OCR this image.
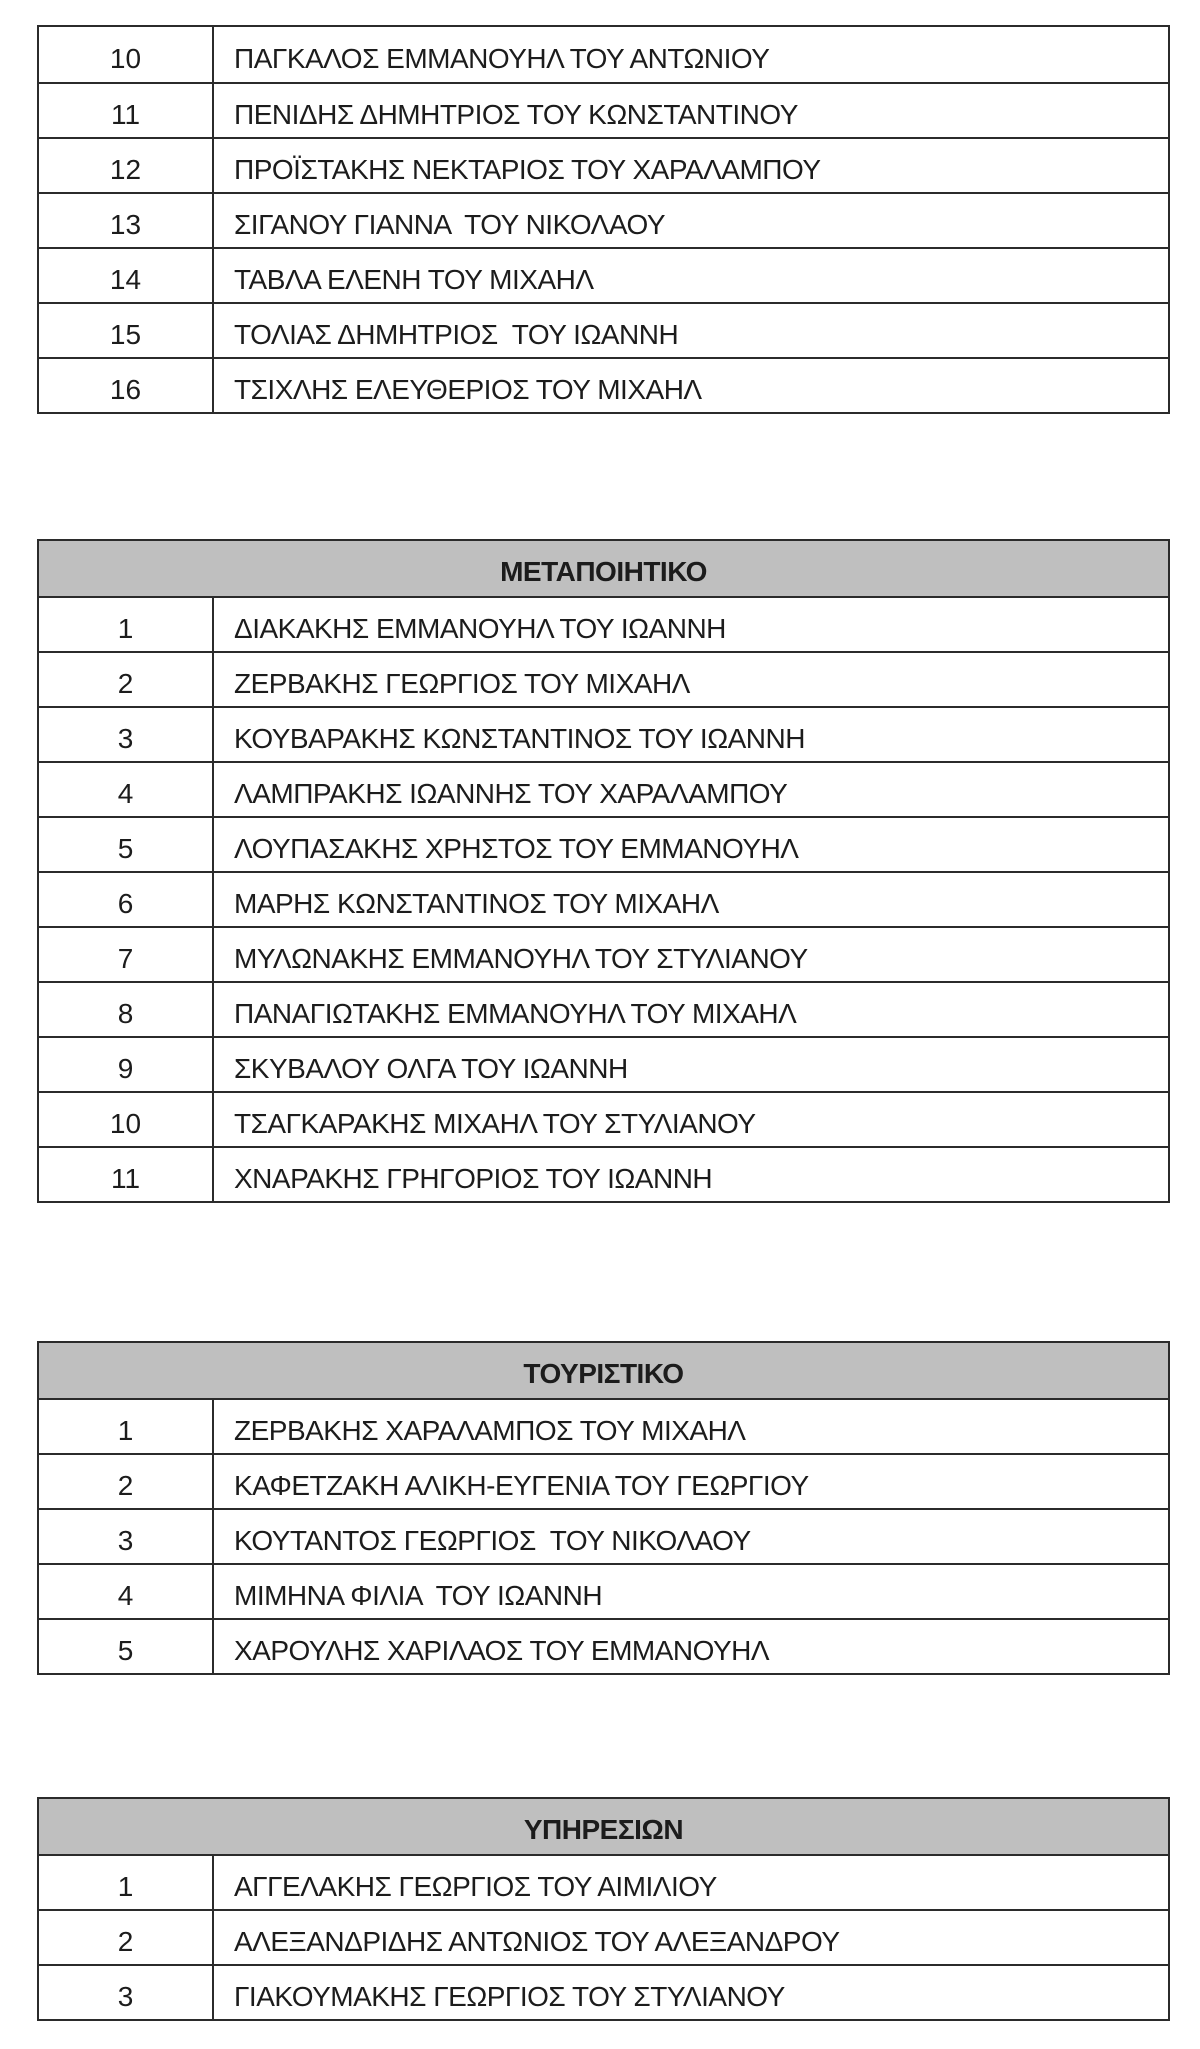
10	ΠΑΓΚΑΛΟΣ ΕΜΜΑΝΟΥΗΛ ΤΟΥ ΑΝΤΩΝΙΟΥ
11	ΠΕΝΙΔΗΣ ΔΗΜΗΤΡΙΟΣ ΤΟΥ ΚΩΝΣΤΑΝΤΙΝΟΥ
12	ΠΡΟΪΣΤΑΚΗΣ ΝΕΚΤΑΡΙΟΣ ΤΟΥ ΧΑΡΑΛΑΜΠΟΥ
13	ΣΙΓΑΝΟΥ ΓΙΑΝΝΑ  ΤΟΥ ΝΙΚΟΛΑΟΥ
14	ΤΑΒΛΑ ΕΛΕΝΗ ΤΟΥ ΜΙΧΑΗΛ
15	ΤΟΛΙΑΣ ΔΗΜΗΤΡΙΟΣ  ΤΟΥ ΙΩΑΝΝΗ
16	ΤΣΙΧΛΗΣ ΕΛΕΥΘΕΡΙΟΣ ΤΟΥ ΜΙΧΑΗΛ
ΜΕΤΑΠΟΙΗΤΙΚΟ
1	ΔΙΑΚΑΚΗΣ ΕΜΜΑΝΟΥΗΛ ΤΟΥ ΙΩΑΝΝΗ
2	ΖΕΡΒΑΚΗΣ ΓΕΩΡΓΙΟΣ ΤΟΥ ΜΙΧΑΗΛ
3	ΚΟΥΒΑΡΑΚΗΣ ΚΩΝΣΤΑΝΤΙΝΟΣ ΤΟΥ ΙΩΑΝΝΗ
4	ΛΑΜΠΡΑΚΗΣ ΙΩΑΝΝΗΣ ΤΟΥ ΧΑΡΑΛΑΜΠΟΥ
5	ΛΟΥΠΑΣΑΚΗΣ ΧΡΗΣΤΟΣ ΤΟΥ ΕΜΜΑΝΟΥΗΛ
6	ΜΑΡΗΣ ΚΩΝΣΤΑΝΤΙΝΟΣ ΤΟΥ ΜΙΧΑΗΛ
7	ΜΥΛΩΝΑΚΗΣ ΕΜΜΑΝΟΥΗΛ ΤΟΥ ΣΤΥΛΙΑΝΟΥ
8	ΠΑΝΑΓΙΩΤΑΚΗΣ ΕΜΜΑΝΟΥΗΛ ΤΟΥ ΜΙΧΑΗΛ
9	ΣΚΥΒΑΛΟΥ ΟΛΓΑ ΤΟΥ ΙΩΑΝΝΗ
10	ΤΣΑΓΚΑΡΑΚΗΣ ΜΙΧΑΗΛ ΤΟΥ ΣΤΥΛΙΑΝΟΥ
11	ΧΝΑΡΑΚΗΣ ΓΡΗΓΟΡΙΟΣ ΤΟΥ ΙΩΑΝΝΗ
ΤΟΥΡΙΣΤΙΚΟ
1	ΖΕΡΒΑΚΗΣ ΧΑΡΑΛΑΜΠΟΣ ΤΟΥ ΜΙΧΑΗΛ
2	ΚΑΦΕΤΖΑΚΗ ΑΛΙΚΗ-ΕΥΓΕΝΙΑ ΤΟΥ ΓΕΩΡΓΙΟΥ
3	ΚΟΥΤΑΝΤΟΣ ΓΕΩΡΓΙΟΣ  ΤΟΥ ΝΙΚΟΛΑΟΥ
4	ΜΙΜΗΝΑ ΦΙΛΙΑ  ΤΟΥ ΙΩΑΝΝΗ
5	ΧΑΡΟΥΛΗΣ ΧΑΡΙΛΑΟΣ ΤΟΥ ΕΜΜΑΝΟΥΗΛ
ΥΠΗΡΕΣΙΩΝ
1	ΑΓΓΕΛΑΚΗΣ ΓΕΩΡΓΙΟΣ ΤΟΥ ΑΙΜΙΛΙΟΥ
2	ΑΛΕΞΑΝΔΡΙΔΗΣ ΑΝΤΩΝΙΟΣ ΤΟΥ ΑΛΕΞΑΝΔΡΟΥ
3	ΓΙΑΚΟΥΜΑΚΗΣ ΓΕΩΡΓΙΟΣ ΤΟΥ ΣΤΥΛΙΑΝΟΥ
